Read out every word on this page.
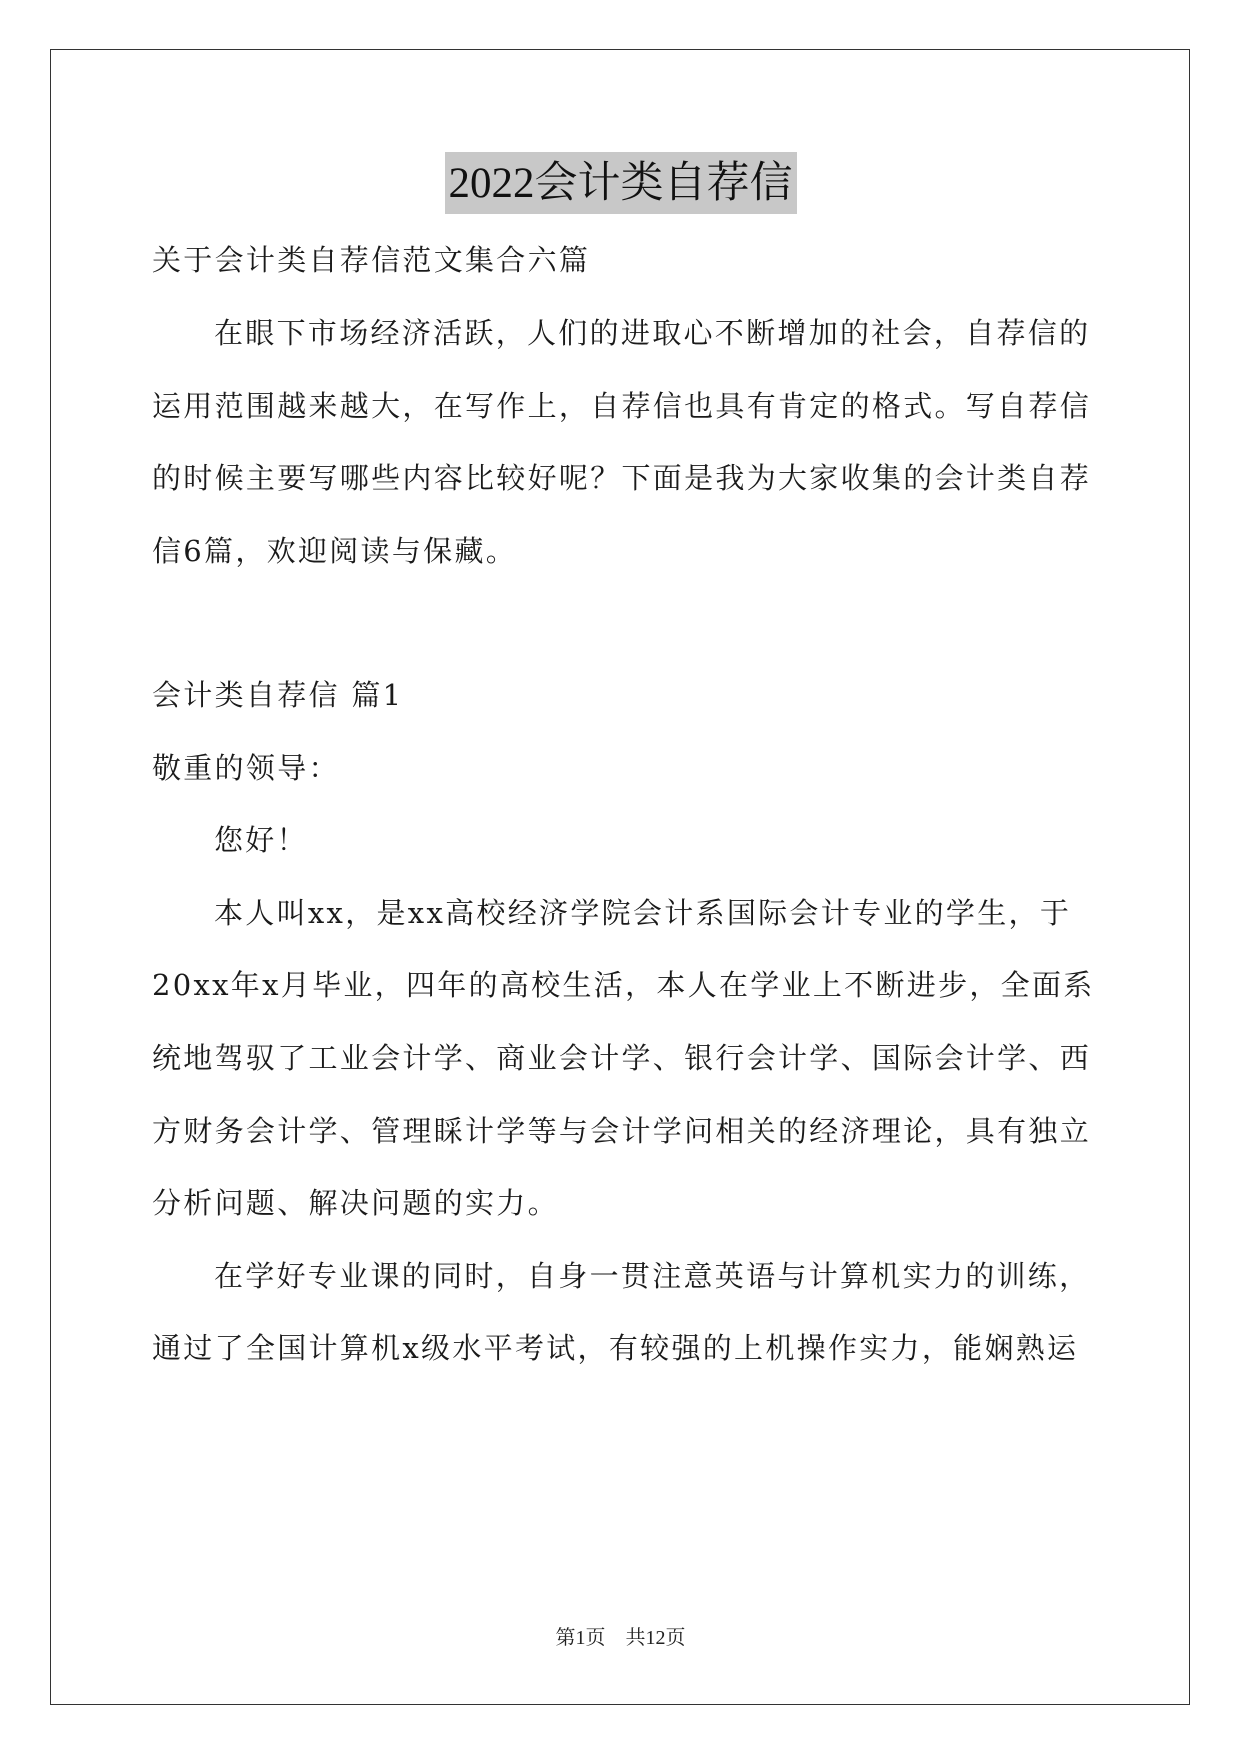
2022会计类自荐信
关于会计类自荐信范文集合六篇
在眼下市场经济活跃，人们的进取心不断增加的社会，自荐信的
运用范围越来越大，在写作上，自荐信也具有肯定的格式。写自荐信
的时候主要写哪些内容比较好呢？下面是我为大家收集的会计类自荐
信6篇，欢迎阅读与保藏。
会计类自荐信 篇1
敬重的领导：
您好！
本人叫xx，是xx高校经济学院会计系国际会计专业的学生，于
20xx年x月毕业，四年的高校生活，本人在学业上不断进步，全面系
统地驾驭了工业会计学、商业会计学、银行会计学、国际会计学、西
方财务会计学、管理睬计学等与会计学问相关的经济理论，具有独立
分析问题、解决问题的实力。
在学好专业课的同时，自身一贯注意英语与计算机实力的训练，
通过了全国计算机x级水平考试，有较强的上机操作实力，能娴熟运
第1页　共12页
